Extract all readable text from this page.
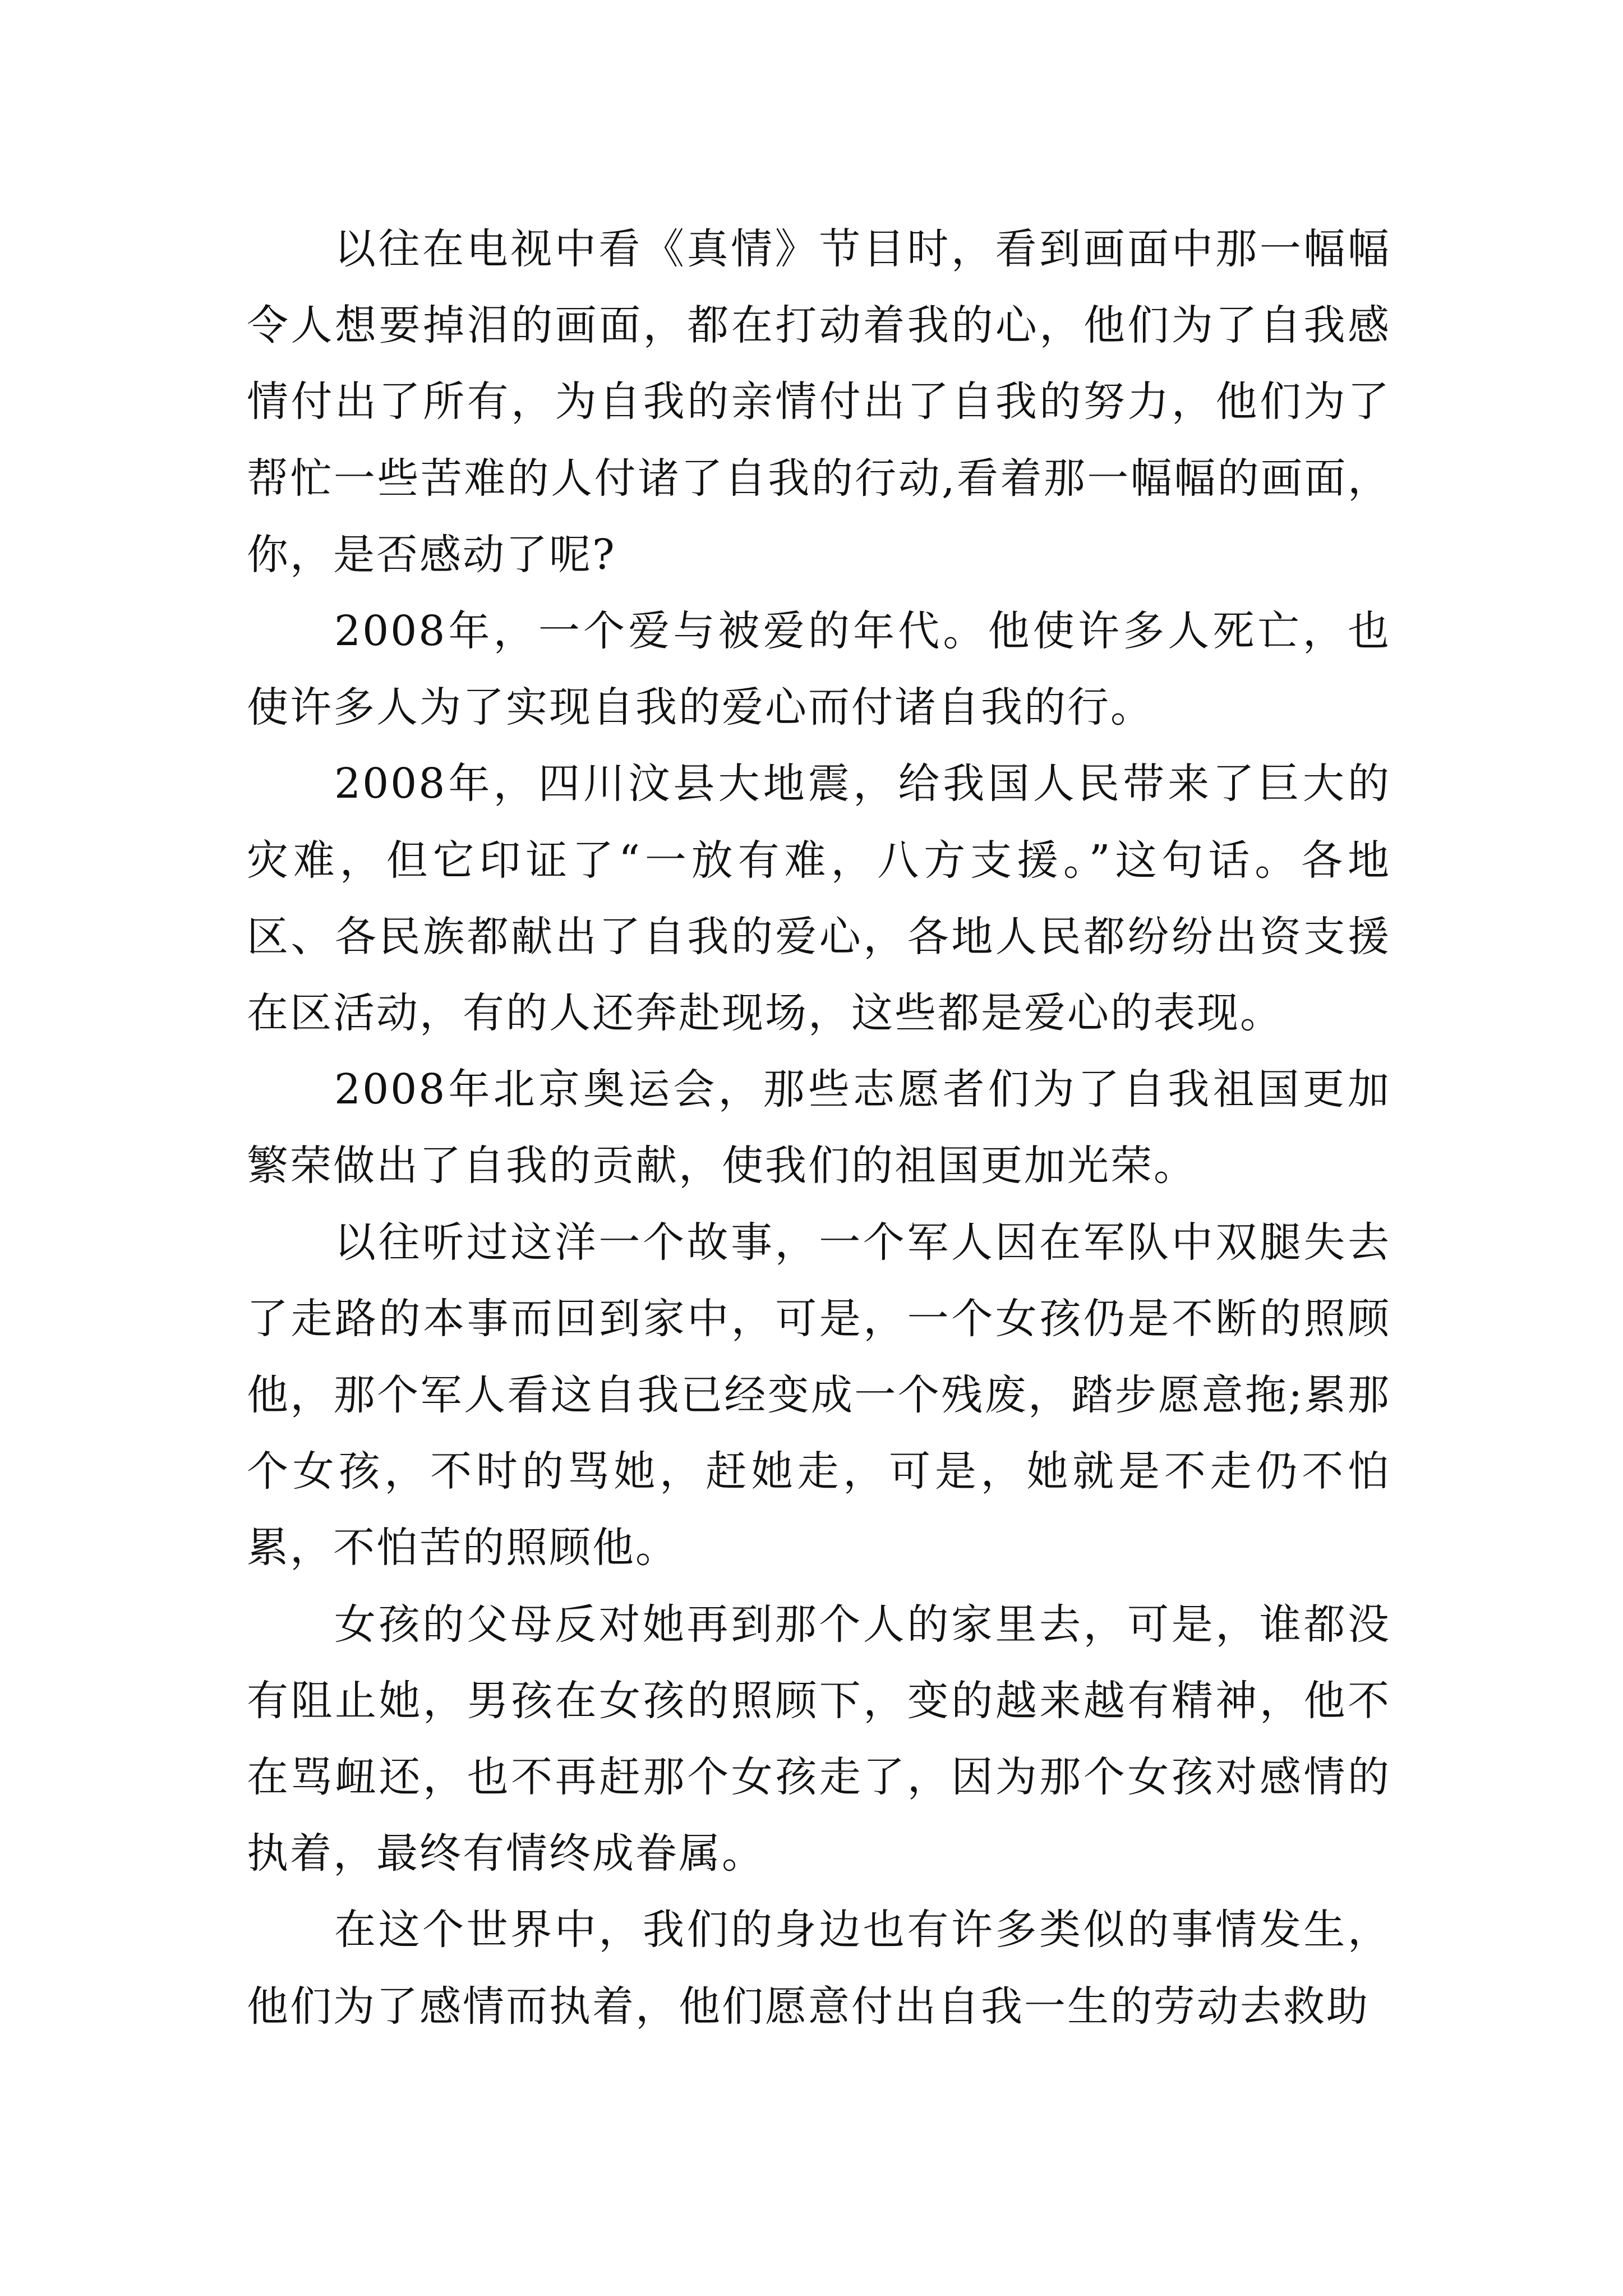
以往在电视中看《真情》节目时，看到画面中那一幅幅令人想要掉泪的画面，都在打动着我的心，他们为了自我感情付出了所有，为自我的亲情付出了自我的努力，他们为了帮忙一些苦难的人付诸了自我的行动,看着那一幅幅的画面，你，是否感动了呢?

2008年，一个爱与被爱的年代。他使许多人死亡，也使许多人为了实现自我的爱心而付诸自我的行。

2008年，四川汶县大地震，给我国人民带来了巨大的灾难，但它印证了“一放有难，八方支援。”这句话。各地区、各民族都献出了自我的爱心，各地人民都纷纷出资支援在区活动，有的人还奔赴现场，这些都是爱心的表现。

2008年北京奥运会，那些志愿者们为了自我祖国更加繁荣做出了自我的贡献，使我们的祖国更加光荣。

以往听过这洋一个故事，一个军人因在军队中双腿失去了走路的本事而回到家中，可是，一个女孩仍是不断的照顾他，那个军人看这自我已经变成一个残废，踏步愿意拖;累那个女孩，不时的骂她，赶她走，可是，她就是不走仍不怕累，不怕苦的照顾他。

女孩的父母反对她再到那个人的家里去，可是，谁都没有阻止她，男孩在女孩的照顾下，变的越来越有精神，他不在骂衄还，也不再赶那个女孩走了，因为那个女孩对感情的执着，最终有情终成眷属。

在这个世界中，我们的身边也有许多类似的事情发生，他们为了感情而执着，他们愿意付出自我一生的劳动去救助
